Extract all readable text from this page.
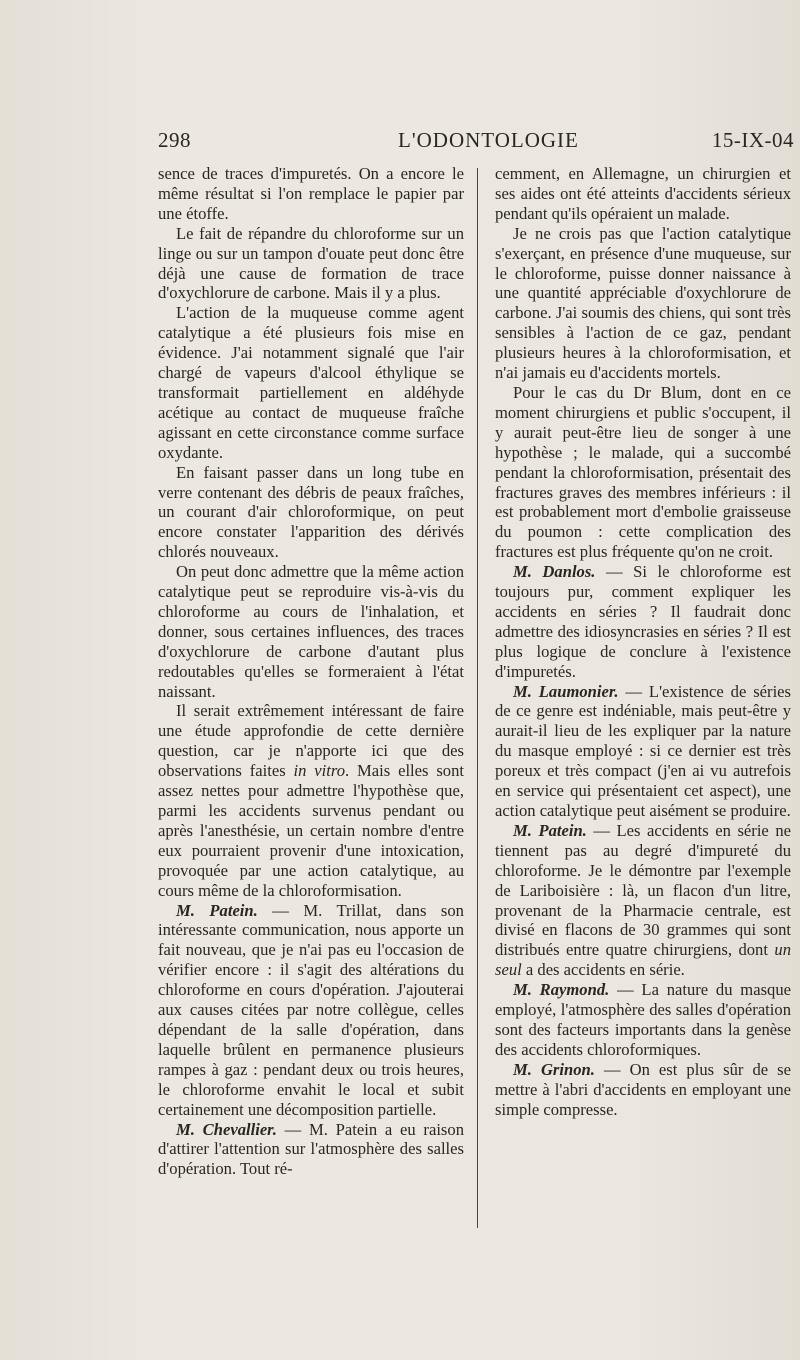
298	L'ODONTOLOGIE	15-IX-04

sence de traces d'impuretés. On a encore le même résultat si l'on remplace le papier par une étoffe.

Le fait de répandre du chloroforme sur un linge ou sur un tampon d'ouate peut donc être déjà une cause de formation de trace d'oxychlorure de carbone. Mais il y a plus.

L'action de la muqueuse comme agent catalytique a été plusieurs fois mise en évidence. J'ai notamment signalé que l'air chargé de vapeurs d'alcool éthylique se transformait partiellement en aldéhyde acétique au contact de muqueuse fraîche agissant en cette circonstance comme surface oxydante.

En faisant passer dans un long tube en verre contenant des débris de peaux fraîches, un courant d'air chloroformique, on peut encore constater l'apparition des dérivés chlorés nouveaux.

On peut donc admettre que la même action catalytique peut se reproduire vis-à-vis du chloroforme au cours de l'inhalation, et donner, sous certaines influences, des traces d'oxychlorure de carbone d'autant plus redoutables qu'elles se formeraient à l'état naissant.

Il serait extrêmement intéressant de faire une étude approfondie de cette dernière question, car je n'apporte ici que des observations faites in vitro. Mais elles sont assez nettes pour admettre l'hypothèse que, parmi les accidents survenus pendant ou après l'anesthésie, un certain nombre d'entre eux pourraient provenir d'une intoxication, provoquée par une action catalytique, au cours même de la chloroformisation.

M. Patein. — M. Trillat, dans son intéressante communication, nous apporte un fait nouveau, que je n'ai pas eu l'occasion de vérifier encore : il s'agit des altérations du chloroforme en cours d'opération. J'ajouterai aux causes citées par notre collègue, celles dépendant de la salle d'opération, dans laquelle brûlent en permanence plusieurs rampes à gaz : pendant deux ou trois heures, le chloroforme envahit le local et subit certainement une décomposition partielle.

M. Chevallier. — M. Patein a eu raison d'attirer l'attention sur l'atmosphère des salles d'opération. Tout ré-

cemment, en Allemagne, un chirurgien et ses aides ont été atteints d'accidents sérieux pendant qu'ils opéraient un malade.

Je ne crois pas que l'action catalytique s'exerçant, en présence d'une muqueuse, sur le chloroforme, puisse donner naissance à une quantité appréciable d'oxychlorure de carbone. J'ai soumis des chiens, qui sont très sensibles à l'action de ce gaz, pendant plusieurs heures à la chloroformisation, et n'ai jamais eu d'accidents mortels.

Pour le cas du Dr Blum, dont en ce moment chirurgiens et public s'occupent, il y aurait peut-être lieu de songer à une hypothèse ; le malade, qui a succombé pendant la chloroformisation, présentait des fractures graves des membres inférieurs : il est probablement mort d'embolie graisseuse du poumon : cette complication des fractures est plus fréquente qu'on ne croit.

M. Danlos. — Si le chloroforme est toujours pur, comment expliquer les accidents en séries ? Il faudrait donc admettre des idiosyncrasies en séries ? Il est plus logique de conclure à l'existence d'impuretés.

M. Laumonier. — L'existence de séries de ce genre est indéniable, mais peut-être y aurait-il lieu de les expliquer par la nature du masque employé : si ce dernier est très poreux et très compact (j'en ai vu autrefois en service qui présentaient cet aspect), une action catalytique peut aisément se produire.

M. Patein. — Les accidents en série ne tiennent pas au degré d'impureté du chloroforme. Je le démontre par l'exemple de Lariboisière : là, un flacon d'un litre, provenant de la Pharmacie centrale, est divisé en flacons de 30 grammes qui sont distribués entre quatre chirurgiens, dont un seul a des accidents en série.

M. Raymond. — La nature du masque employé, l'atmosphère des salles d'opération sont des facteurs importants dans la genèse des accidents chloroformiques.

M. Grinon. — On est plus sûr de se mettre à l'abri d'accidents en employant une simple compresse.
